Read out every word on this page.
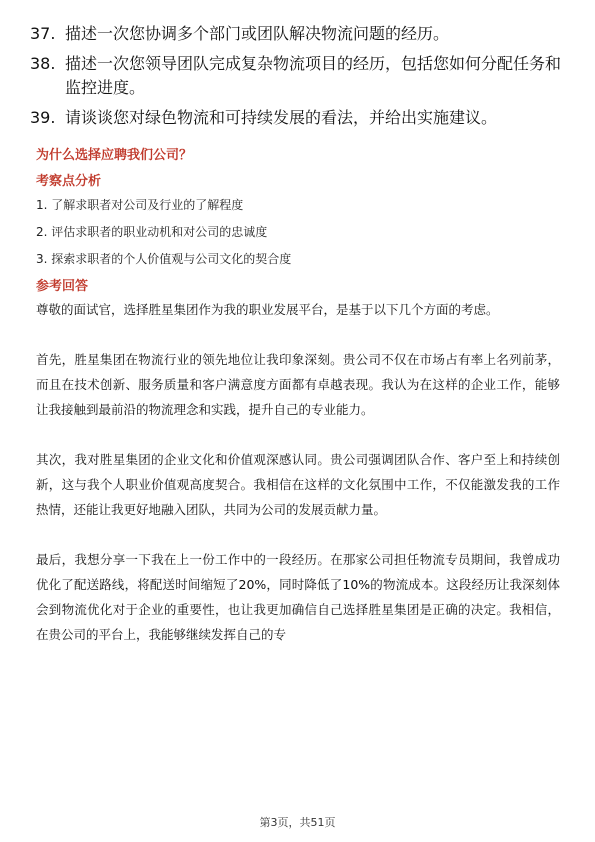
37. 描述一次您协调多个部门或团队解决物流问题的经历。
38. 描述一次您领导团队完成复杂物流项目的经历，包括您如何分配任务和监控进度。
39. 请谈谈您对绿色物流和可持续发展的看法，并给出实施建议。
为什么选择应聘我们公司？
考察点分析
1. 了解求职者对公司及行业的了解程度
2. 评估求职者的职业动机和对公司的忠诚度
3. 探索求职者的个人价值观与公司文化的契合度
参考回答

尊敬的面试官，选择胜星集团作为我的职业发展平台，是基于以下几个方面的考虑。

首先，胜星集团在物流行业的领先地位让我印象深刻。贵公司不仅在市场占有率上名列前茅，而且在技术创新、服务质量和客户满意度方面都有卓越表现。我认为在这样的企业工作，能够让我接触到最前沿的物流理念和实践，提升自己的专业能力。

其次，我对胜星集团的企业文化和价值观深感认同。贵公司强调团队合作、客户至上和持续创新，这与我个人职业价值观高度契合。我相信在这样的文化氛围中工作，不仅能激发我的工作热情，还能让我更好地融入团队，共同为公司的发展贡献力量。

最后，我想分享一下我在上一份工作中的一段经历。在那家公司担任物流专员期间，我曾成功优化了配送路线，将配送时间缩短了20%，同时降低了10%的物流成本。这段经历让我深刻体会到物流优化对于企业的重要性，也让我更加确信自己选择胜星集团是正确的决定。我相信，在贵公司的平台上，我能够继续发挥自己的专

第3页，共51页
